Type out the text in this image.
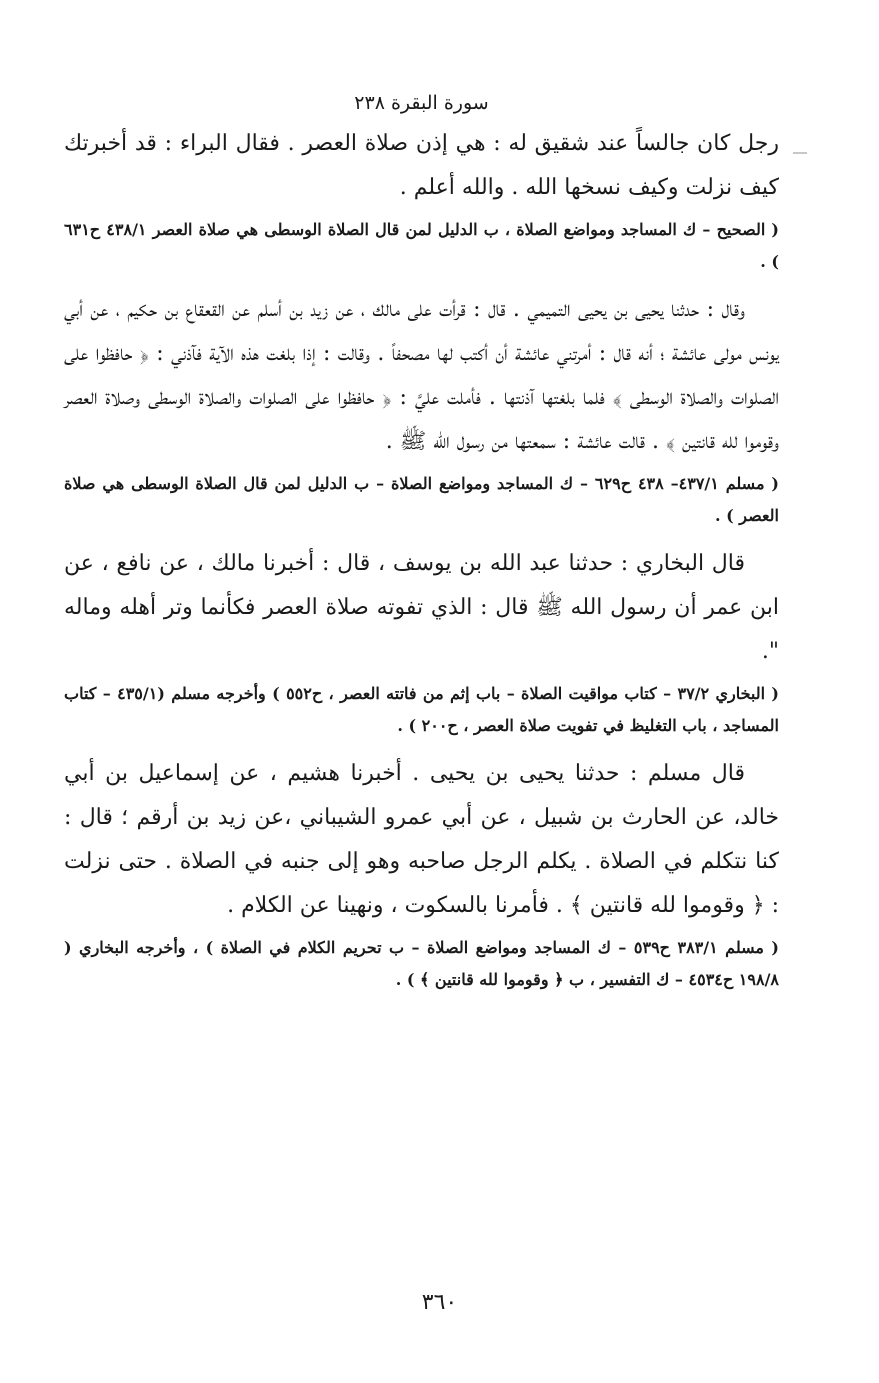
سورة البقرة ٢٣٨

رجل كان جالساً عند شقيق له : هي إذن صلاة العصر . فقال البراء : قد أخبرتك كيف نزلت وكيف نسخها الله . والله أعلم .

( الصحيح – ك المساجد ومواضع الصلاة ، ب الدليل لمن قال الصلاة الوسطى هي صلاة العصر ٤٣٨/١ ح٦٣١ ) .

وقال : حدثنا يحيى بن يحيى التميمي . قال : قرأت على مالك ، عن زيد بن أسلم عن القعقاع بن حكيم ، عن أبي يونس مولى عائشة ؛ أنه قال : أمرتني عائشة أن أكتب لها مصحفاً . وقالت : إذا بلغت هذه الآية فآذني : ﴿ حافظوا على الصلوات والصلاة الوسطى ﴾ فلما بلغتها آذنتها . فأملت عليَّ : ﴿ حافظوا على الصلوات والصلاة الوسطى وصلاة العصر وقوموا لله قانتين ﴾ . قالت عائشة : سمعتها من رسول الله ﷺ .

( مسلم ٤٣٧/١– ٤٣٨ ح٦٢٩ – ك المساجد ومواضع الصلاة – ب الدليل لمن قال الصلاة الوسطى هي صلاة العصر ) .

قال البخاري : حدثنا عبد الله بن يوسف ، قال : أخبرنا مالك ، عن نافع ، عن ابن عمر أن رسول الله ﷺ قال : الذي تفوته صلاة العصر فكأنما وتر أهله وماله ".

( البخاري ٣٧/٢ – كتاب مواقيت الصلاة – باب إثم من فاتته العصر ، ح٥٥٢ ) وأخرجه مسلم (٤٣٥/١ – كتاب المساجد ، باب التغليظ في تفويت صلاة العصر ، ح٢٠٠ ) .

قال مسلم : حدثنا يحيى بن يحيى . أخبرنا هشيم ، عن إسماعيل بن أبي خالد، عن الحارث بن شبيل ، عن أبي عمرو الشيباني ،عن زيد بن أرقم ؛ قال : كنا نتكلم في الصلاة . يكلم الرجل صاحبه وهو إلى جنبه في الصلاة . حتى نزلت : ﴿ وقوموا لله قانتين ﴾ . فأمرنا بالسكوت ، ونهينا عن الكلام .

( مسلم ٣٨٣/١ ح٥٣٩ – ك المساجد ومواضع الصلاة – ب تحريم الكلام في الصلاة ) ، وأخرجه البخاري ( ١٩٨/٨ ح٤٥٣٤ – ك التفسير ، ب ﴿ وقوموا لله قانتين ﴾ ) .

٣٦٠
